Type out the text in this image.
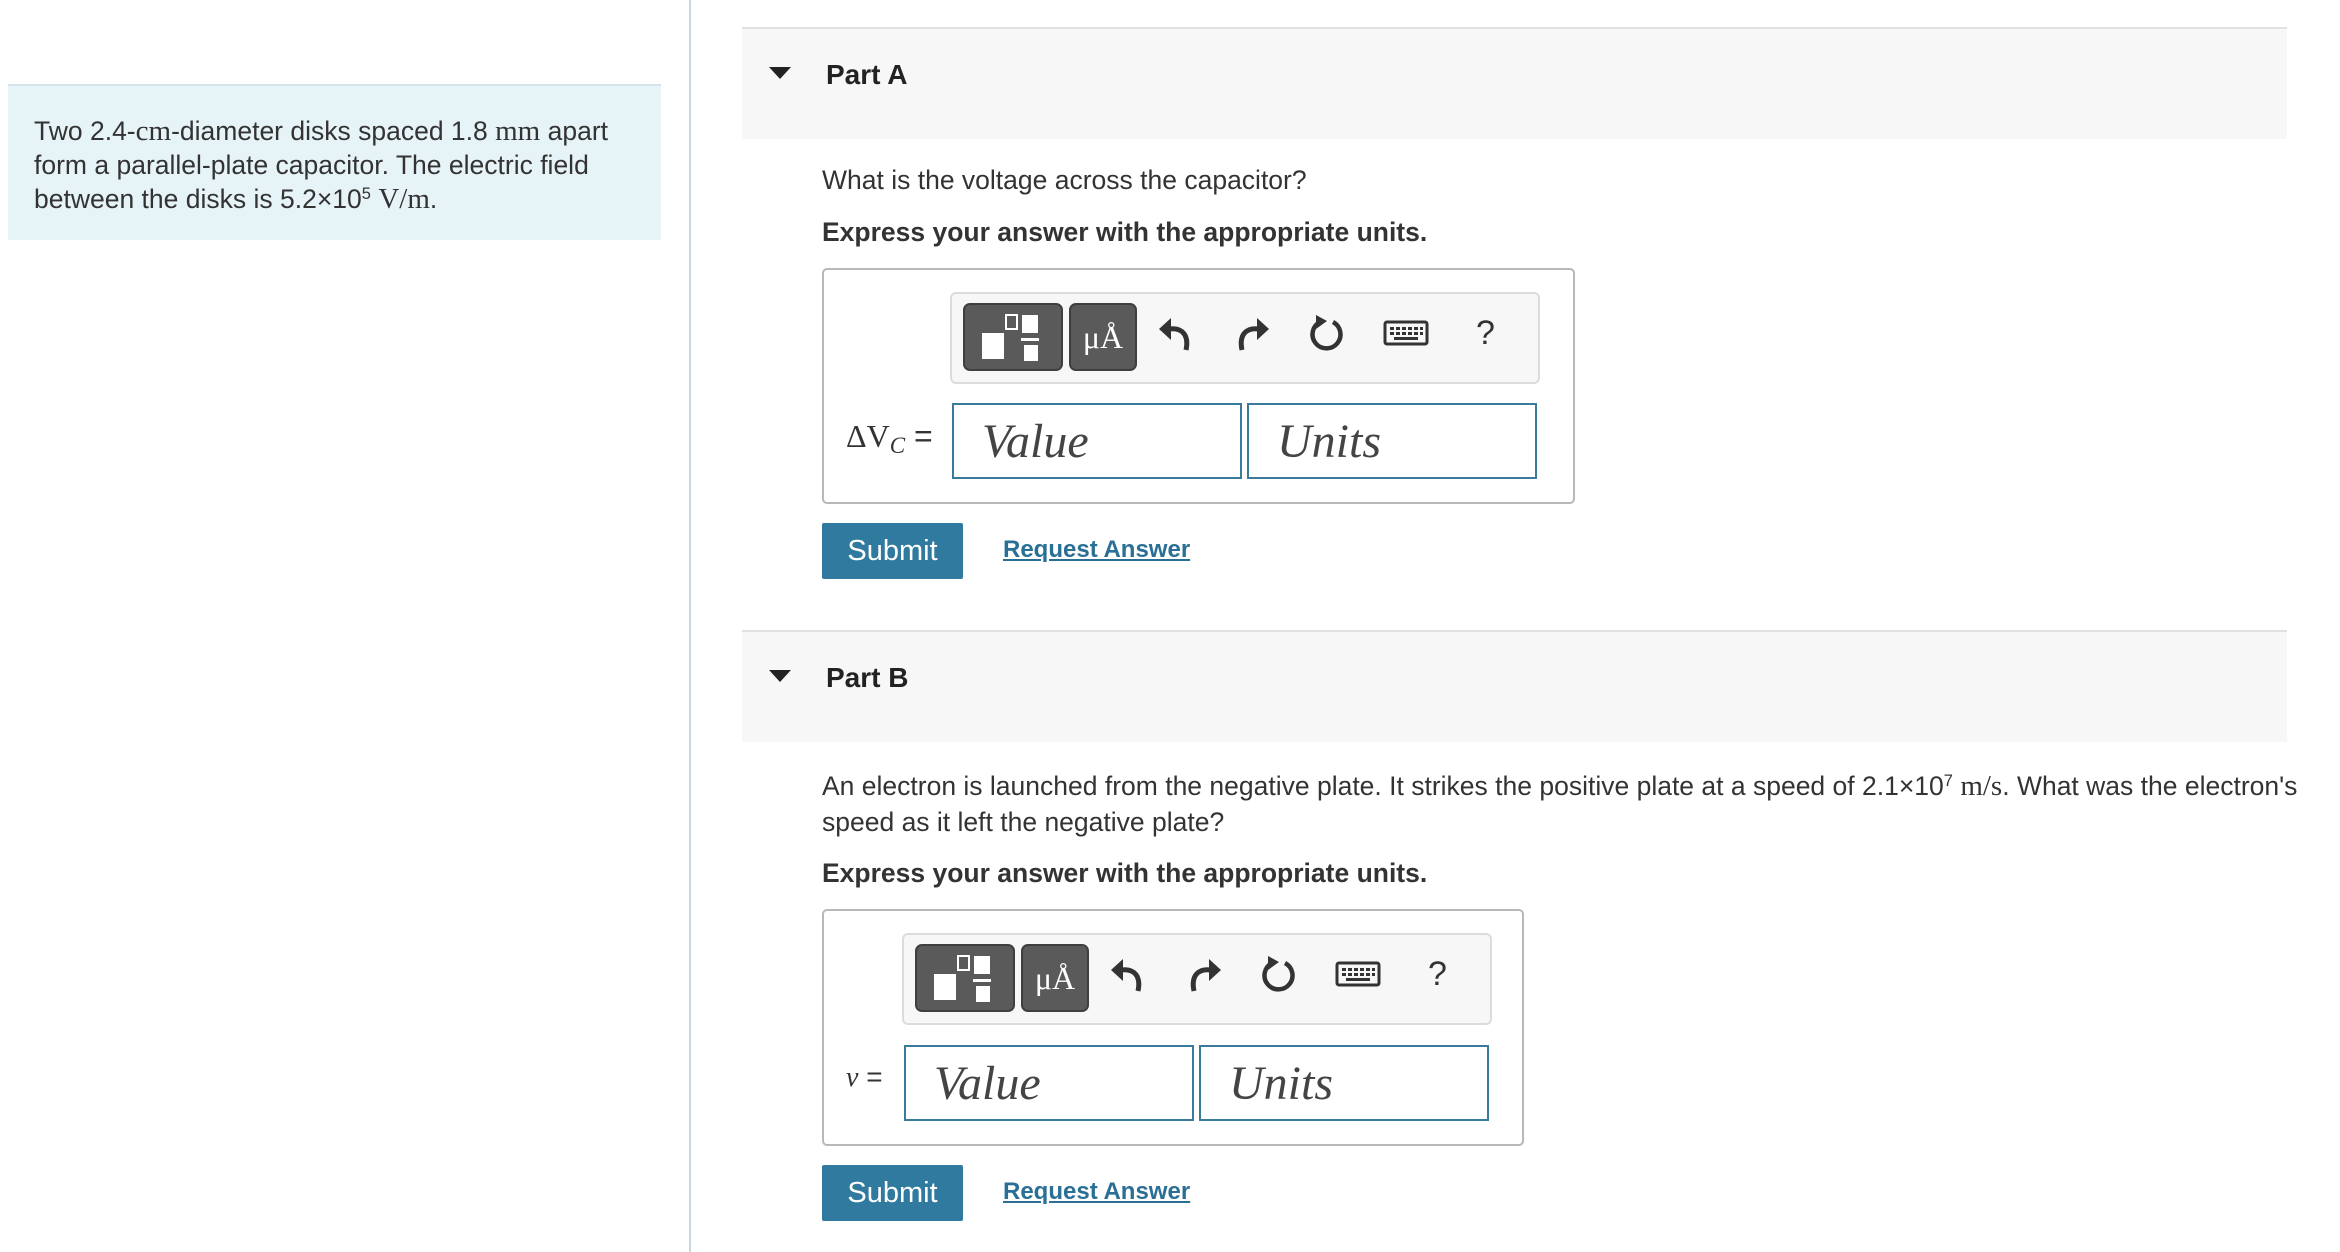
Two 2.4-cm-diameter disks spaced 1.8 mm apart form a parallel-plate capacitor. The electric field between the disks is $5.2\times 10^5$ V/m.
Part A
What is the voltage across the capacitor?
Express your answer with the appropriate units.
μÅ	?
$\Delta V_C$ =
Value
Units
Submit	Request Answer
Part B
An electron is launched from the negative plate. It strikes the positive plate at a speed of $2.1\times 10^7$ m/s. What was the electron's speed as it left the negative plate?
Express your answer with the appropriate units.
μÅ	?
v =
Value
Units
Submit	Request Answer
